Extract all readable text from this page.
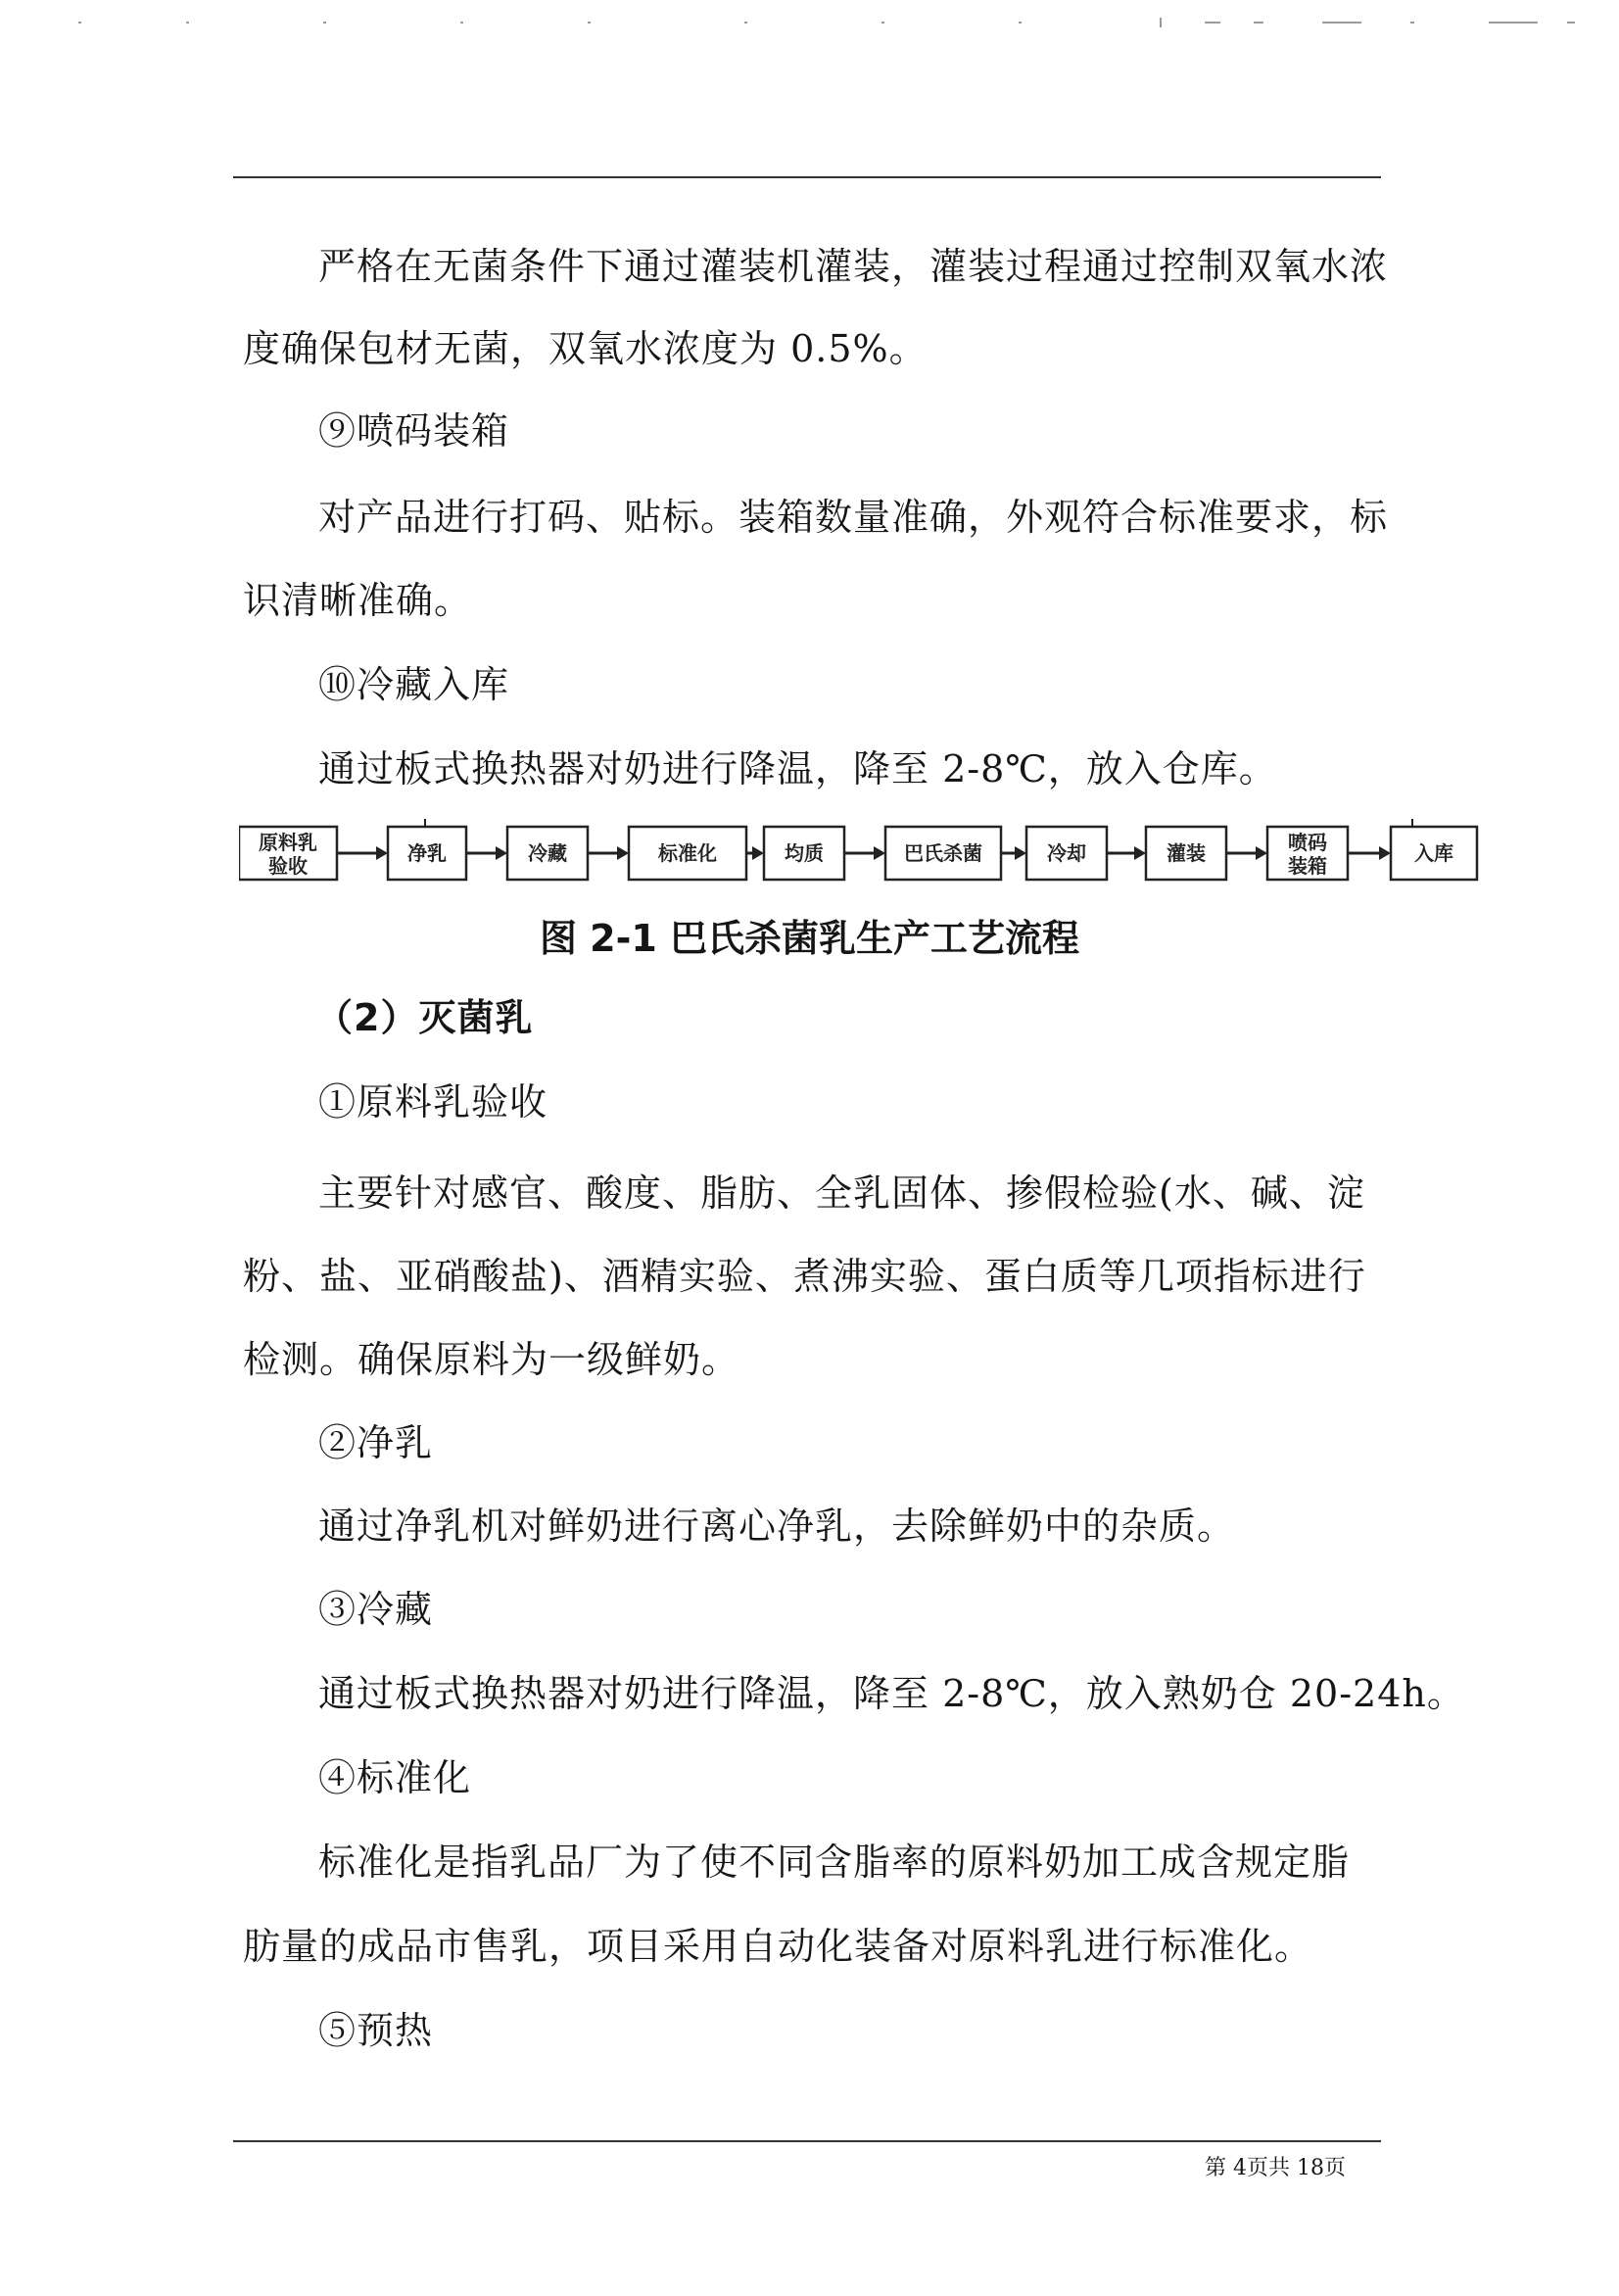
严格在无菌条件下通过灌装机灌装，灌装过程通过控制双氧水浓
度确保包材无菌，双氧水浓度为 0.5%。
⑨喷码装箱
对产品进行打码、贴标。装箱数量准确，外观符合标准要求，标
识清晰准确。
⑩冷藏入库
通过板式换热器对奶进行降温，降至 2-8℃，放入仓库。
原料乳
验收
净乳	冷藏	标准化	均质	巴氏杀菌	冷却	灌装	喷码
装箱
入库
图 2-1 巴氏杀菌乳生产工艺流程
（2）灭菌乳
①原料乳验收
主要针对感官、酸度、脂肪、全乳固体、掺假检验(水、碱、淀
粉、盐、亚硝酸盐)、酒精实验、煮沸实验、蛋白质等几项指标进行
检测。确保原料为一级鲜奶。
②净乳
通过净乳机对鲜奶进行离心净乳，去除鲜奶中的杂质。
③冷藏
通过板式换热器对奶进行降温，降至 2-8℃，放入熟奶仓 20-24h。
④标准化
标准化是指乳品厂为了使不同含脂率的原料奶加工成含规定脂
肪量的成品市售乳，项目采用自动化装备对原料乳进行标准化。
⑤预热
第 4页共 18页
